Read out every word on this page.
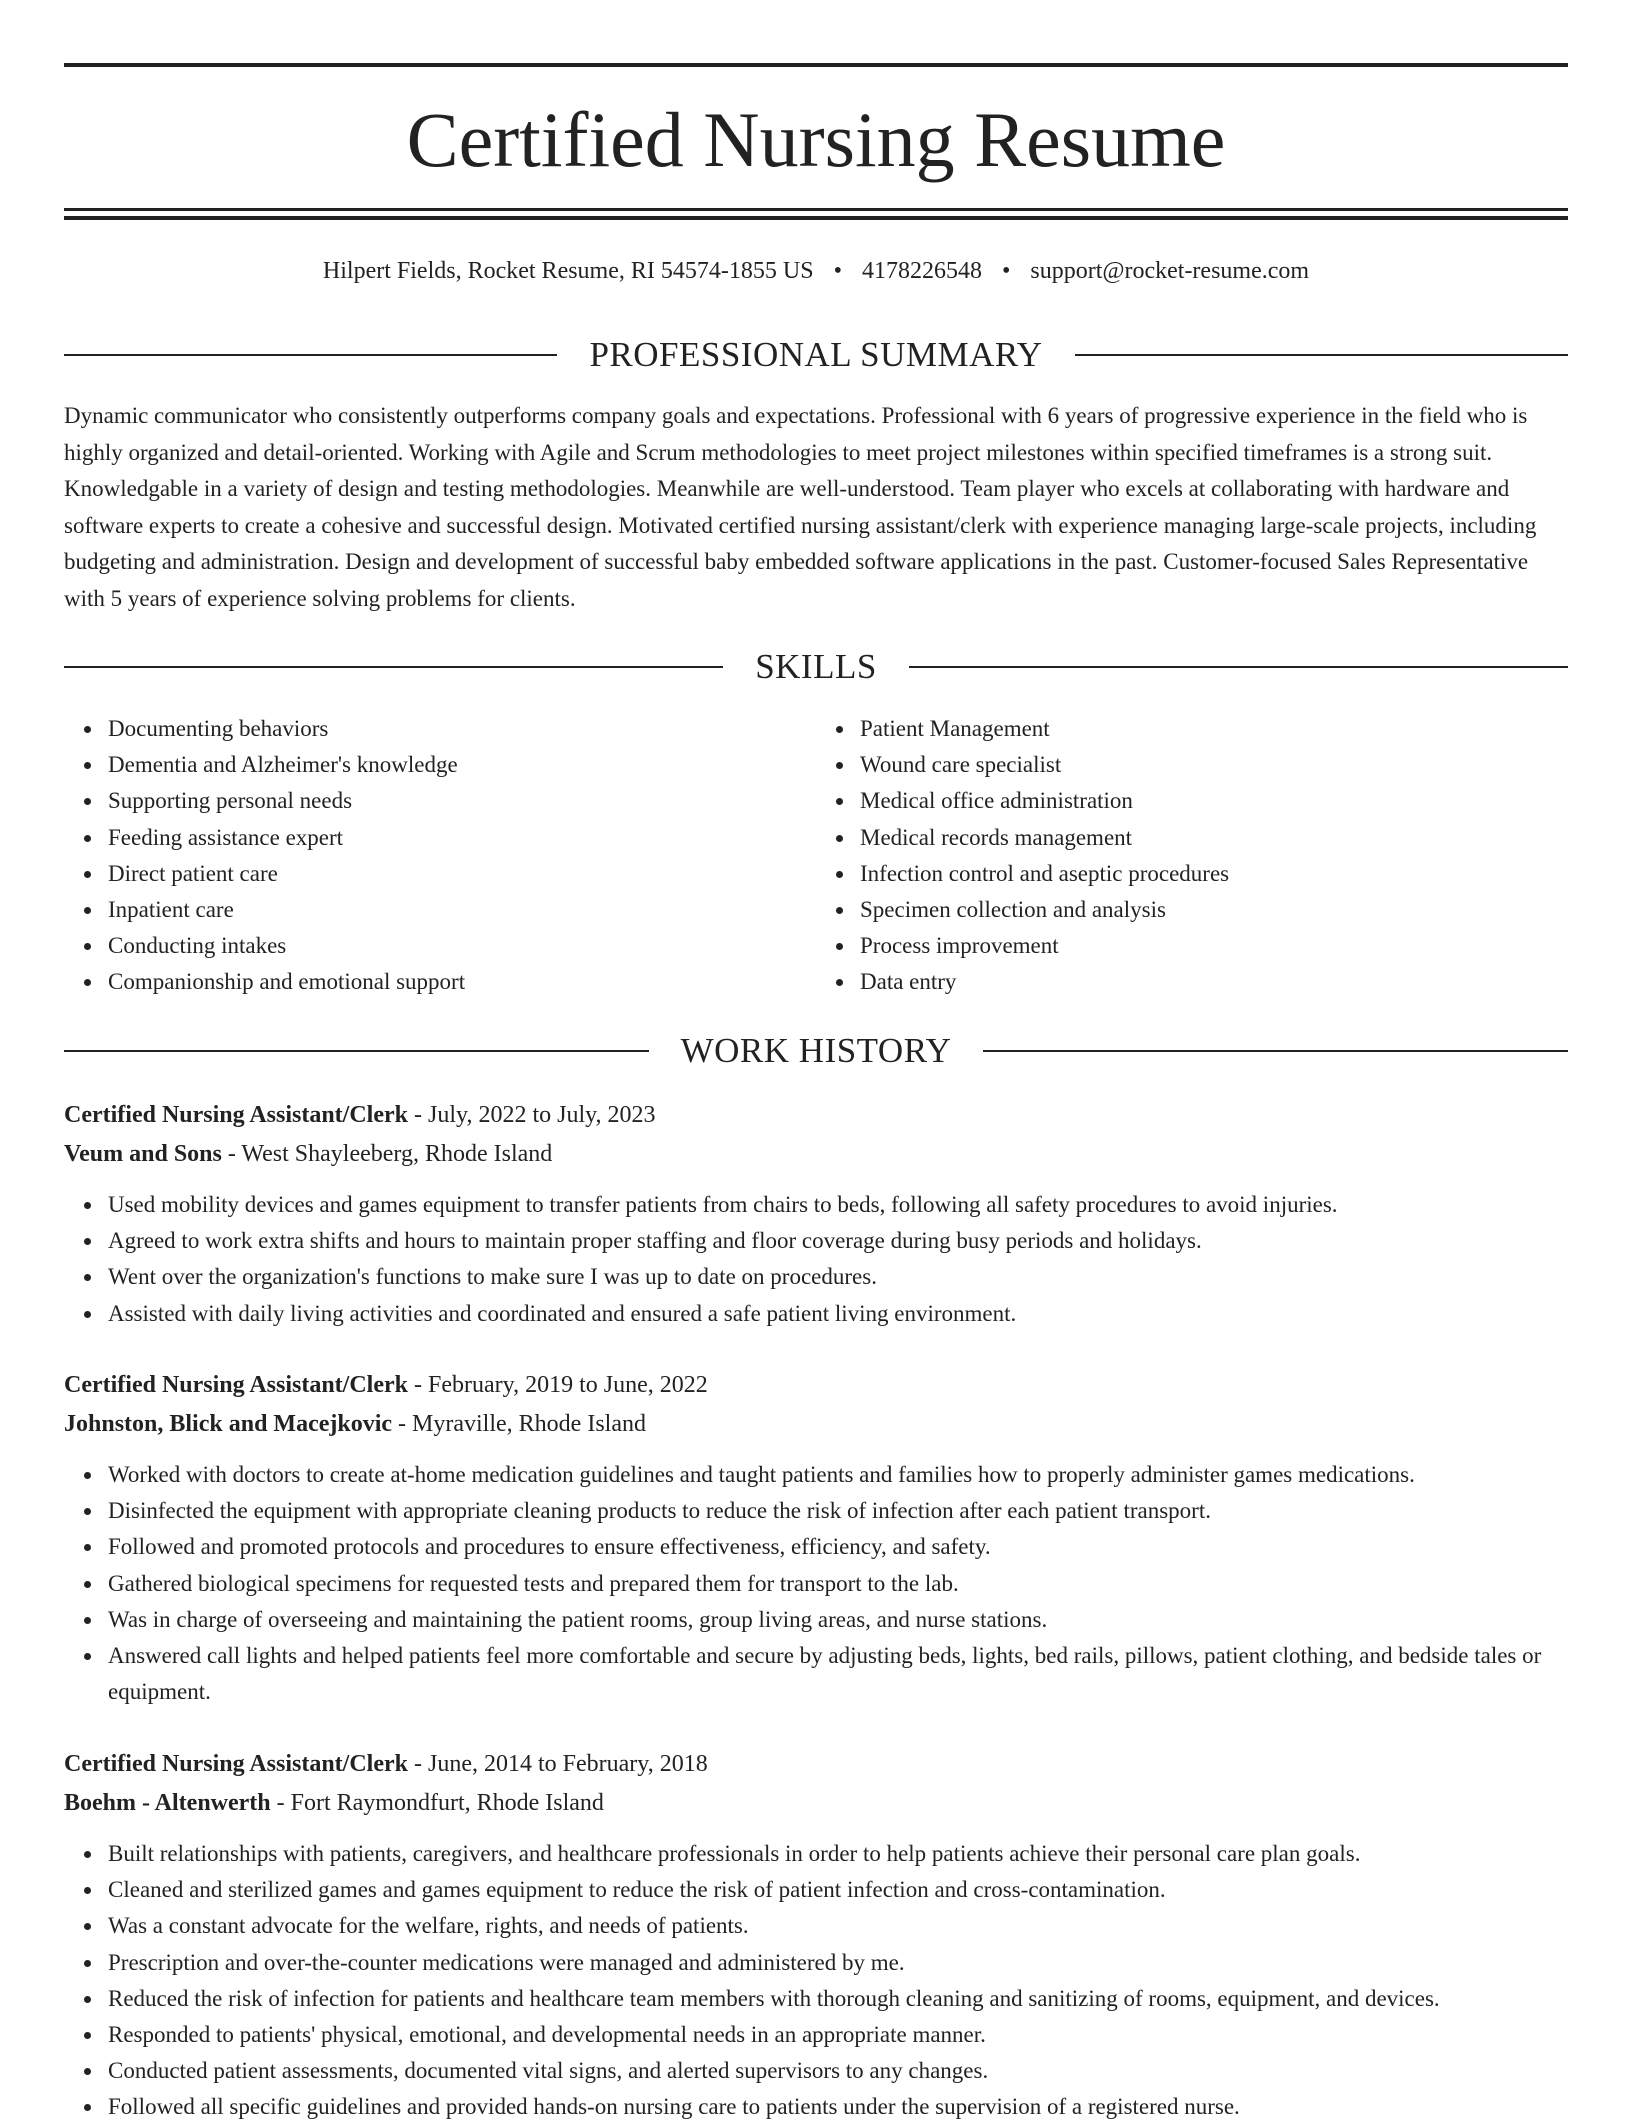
Certified Nursing Resume
Hilpert Fields, Rocket Resume, RI 54574-1855 US • 4178226548 • support@rocket-resume.com
PROFESSIONAL SUMMARY

Dynamic communicator who consistently outperforms company goals and expectations. Professional with 6 years of progressive experience in the field who is highly organized and detail-oriented. Working with Agile and Scrum methodologies to meet project milestones within specified timeframes is a strong suit. Knowledgable in a variety of design and testing methodologies. Meanwhile are well-understood. Team player who excels at collaborating with hardware and software experts to create a cohesive and successful design. Motivated certified nursing assistant/clerk with experience managing large-scale projects, including budgeting and administration. Design and development of successful baby embedded software applications in the past. Customer-focused Sales Representative with 5 years of experience solving problems for clients.

SKILLS
Documenting behaviors
Dementia and Alzheimer's knowledge
Supporting personal needs
Feeding assistance expert
Direct patient care
Inpatient care
Conducting intakes
Companionship and emotional support
Patient Management
Wound care specialist
Medical office administration
Medical records management
Infection control and aseptic procedures
Specimen collection and analysis
Process improvement
Data entry
WORK HISTORY
Certified Nursing Assistant/Clerk - July, 2022 to July, 2023
Veum and Sons - West Shayleeberg, Rhode Island
Used mobility devices and games equipment to transfer patients from chairs to beds, following all safety procedures to avoid injuries.
Agreed to work extra shifts and hours to maintain proper staffing and floor coverage during busy periods and holidays.
Went over the organization's functions to make sure I was up to date on procedures.
Assisted with daily living activities and coordinated and ensured a safe patient living environment.
Certified Nursing Assistant/Clerk - February, 2019 to June, 2022
Johnston, Blick and Macejkovic - Myraville, Rhode Island
Worked with doctors to create at-home medication guidelines and taught patients and families how to properly administer games medications.
Disinfected the equipment with appropriate cleaning products to reduce the risk of infection after each patient transport.
Followed and promoted protocols and procedures to ensure effectiveness, efficiency, and safety.
Gathered biological specimens for requested tests and prepared them for transport to the lab.
Was in charge of overseeing and maintaining the patient rooms, group living areas, and nurse stations.
Answered call lights and helped patients feel more comfortable and secure by adjusting beds, lights, bed rails, pillows, patient clothing, and bedside tales or equipment.
Certified Nursing Assistant/Clerk - June, 2014 to February, 2018
Boehm - Altenwerth - Fort Raymondfurt, Rhode Island
Built relationships with patients, caregivers, and healthcare professionals in order to help patients achieve their personal care plan goals.
Cleaned and sterilized games and games equipment to reduce the risk of patient infection and cross-contamination.
Was a constant advocate for the welfare, rights, and needs of patients.
Prescription and over-the-counter medications were managed and administered by me.
Reduced the risk of infection for patients and healthcare team members with thorough cleaning and sanitizing of rooms, equipment, and devices.
Responded to patients' physical, emotional, and developmental needs in an appropriate manner.
Conducted patient assessments, documented vital signs, and alerted supervisors to any changes.
Followed all specific guidelines and provided hands-on nursing care to patients under the supervision of a registered nurse.
